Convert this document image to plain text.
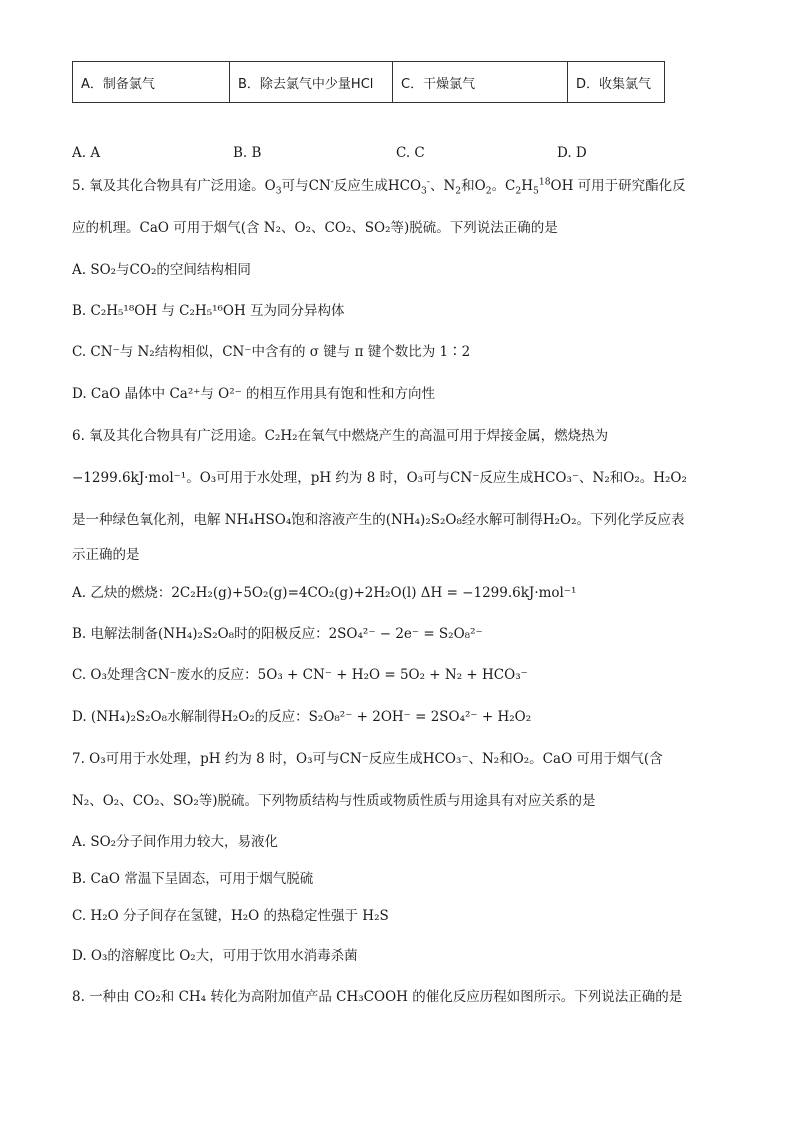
A．制备氯气	B．除去氯气中少量HCl	C．干燥氯气	D．收集氯气
A. A	B. B	C. C	D. D
5. 氧及其化合物具有广泛用途。$O_3$可与CN-反应生成$HCO_3^-$、$N_2$和$O_2$。$C_2H_5^{18}OH$ 可用于研究酯化反
应的机理。CaO 可用于烟气(含 N₂、O₂、CO₂、SO₂等)脱硫。下列说法正确的是
A. SO₂与CO₂的空间结构相同
B. C₂H₅¹⁸OH 与 C₂H₅¹⁶OH 互为同分异构体
C. CN⁻与 N₂结构相似，CN⁻中含有的 σ 键与 π 键个数比为 1∶2
D. CaO 晶体中 Ca²⁺与 O²⁻ 的相互作用具有饱和性和方向性
6. 氧及其化合物具有广泛用途。C₂H₂在氧气中燃烧产生的高温可用于焊接金属，燃烧热为
−1299.6kJ·mol⁻¹。O₃可用于水处理，pH 约为 8 时，O₃可与CN⁻反应生成HCO₃⁻、N₂和O₂。H₂O₂
是一种绿色氧化剂，电解 NH₄HSO₄饱和溶液产生的(NH₄)₂S₂O₈经水解可制得H₂O₂。下列化学反应表
示正确的是
A. 乙炔的燃烧：2C₂H₂(g)+5O₂(g)=4CO₂(g)+2H₂O(l) ΔH = −1299.6kJ·mol⁻¹
B. 电解法制备(NH₄)₂S₂O₈时的阳极反应：2SO₄²⁻ − 2e⁻ = S₂O₈²⁻
C. O₃处理含CN⁻废水的反应：5O₃ + CN⁻ + H₂O = 5O₂ + N₂ + HCO₃⁻
D. (NH₄)₂S₂O₈水解制得H₂O₂的反应：S₂O₈²⁻ + 2OH⁻ = 2SO₄²⁻ + H₂O₂
7. O₃可用于水处理，pH 约为 8 时，O₃可与CN⁻反应生成HCO₃⁻、N₂和O₂。CaO 可用于烟气(含
N₂、O₂、CO₂、SO₂等)脱硫。下列物质结构与性质或物质性质与用途具有对应关系的是
A. SO₂分子间作用力较大，易液化
B. CaO 常温下呈固态，可用于烟气脱硫
C. H₂O 分子间存在氢键，H₂O 的热稳定性强于 H₂S
D. O₃的溶解度比 O₂大，可用于饮用水消毒杀菌
8. 一种由 CO₂和 CH₄ 转化为高附加值产品 CH₃COOH 的催化反应历程如图所示。下列说法正确的是
